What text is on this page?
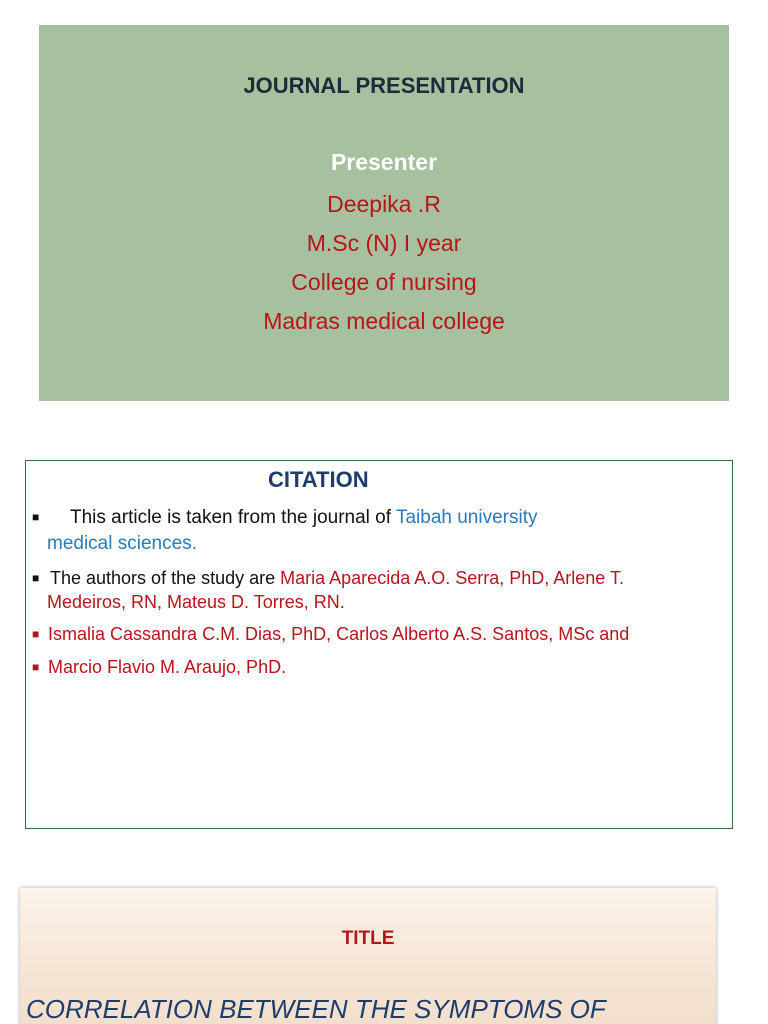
JOURNAL PRESENTATION
Presenter
Deepika .R
M.Sc (N) I year
College of nursing
Madras medical college
CITATION
■ This article is taken from the journal of Taibah university
medical sciences.
■ The authors of the study are Maria Aparecida A.O. Serra, PhD, Arlene T.
Medeiros, RN, Mateus D. Torres, RN.
■ Ismalia Cassandra C.M. Dias, PhD, Carlos Alberto A.S. Santos, MSc and
■ Marcio Flavio M. Araujo, PhD.
TITLE
CORRELATION BETWEEN THE SYMPTOMS OF
